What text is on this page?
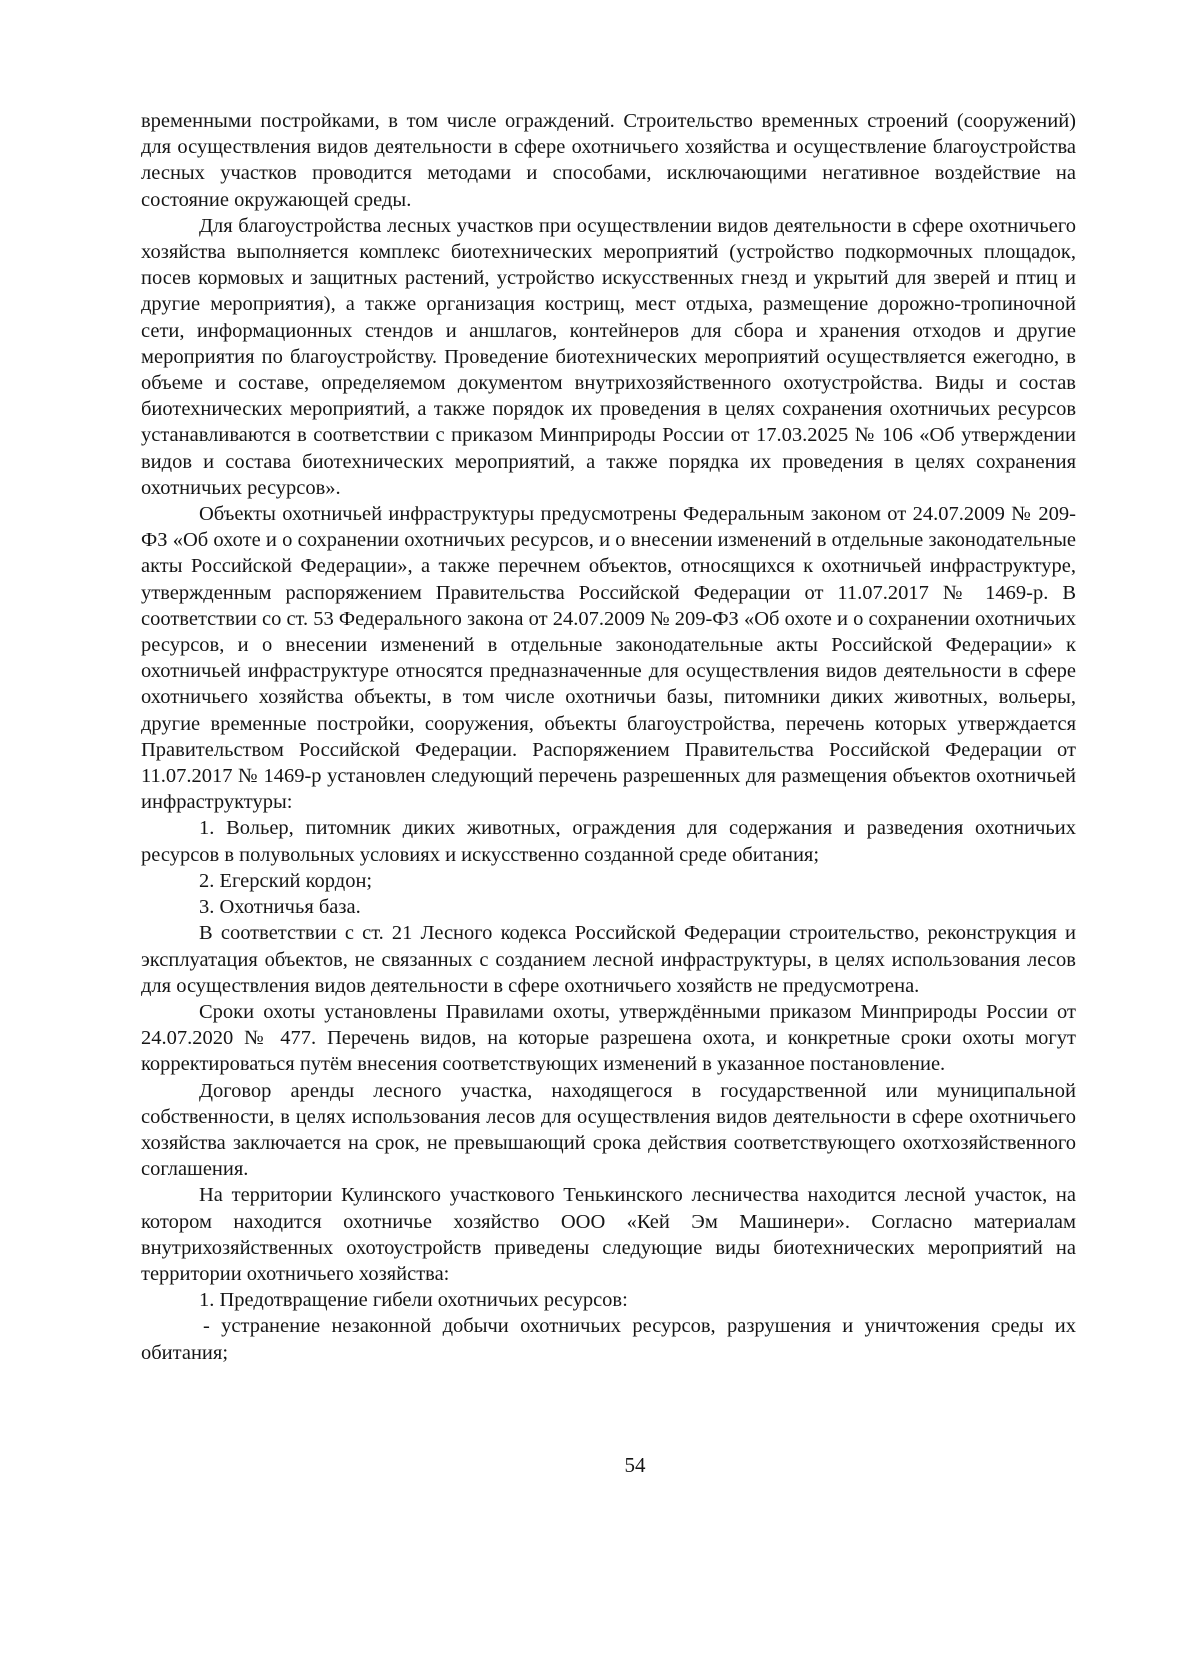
временными постройками, в том числе ограждений. Строительство временных строений (сооружений) для осуществления видов деятельности в сфере охотничьего хозяйства и осуществление благоустройства лесных участков проводится методами и способами, исключающими негативное воздействие на состояние окружающей среды.

Для благоустройства лесных участков при осуществлении видов деятельности в сфере охотничьего хозяйства выполняется комплекс биотехнических мероприятий (устройство подкормочных площадок, посев кормовых и защитных растений, устройство искусственных гнезд и укрытий для зверей и птиц и другие мероприятия), а также организация кострищ, мест отдыха, размещение дорожно-тропиночной сети, информационных стендов и аншлагов, контейнеров для сбора и хранения отходов и другие мероприятия по благоустройству. Проведение биотехнических мероприятий осуществляется ежегодно, в объеме и составе, определяемом документом внутрихозяйственного охотустройства. Виды и состав биотехнических мероприятий, а также порядок их проведения в целях сохранения охотничьих ресурсов устанавливаются в соответствии с приказом Минприроды России от 17.03.2025 № 106 «Об утверждении видов и состава биотехнических мероприятий, а также порядка их проведения в целях сохранения охотничьих ресурсов».

Объекты охотничьей инфраструктуры предусмотрены Федеральным законом от 24.07.2009 № 209-ФЗ «Об охоте и о сохранении охотничьих ресурсов, и о внесении изменений в отдельные законодательные акты Российской Федерации», а также перечнем объектов, относящихся к охотничьей инфраструктуре, утвержденным распоряжением Правительства Российской Федерации от 11.07.2017 № 1469-р. В соответствии со ст. 53 Федерального закона от 24.07.2009 № 209-ФЗ «Об охоте и о сохранении охотничьих ресурсов, и о внесении изменений в отдельные законодательные акты Российской Федерации» к охотничьей инфраструктуре относятся предназначенные для осуществления видов деятельности в сфере охотничьего хозяйства объекты, в том числе охотничьи базы, питомники диких животных, вольеры, другие временные постройки, сооружения, объекты благоустройства, перечень которых утверждается Правительством Российской Федерации. Распоряжением Правительства Российской Федерации от 11.07.2017 № 1469-р установлен следующий перечень разрешенных для размещения объектов охотничьей инфраструктуры:

1. Вольер, питомник диких животных, ограждения для содержания и разведения охотничьих ресурсов в полувольных условиях и искусственно созданной среде обитания;

2. Егерский кордон;

3. Охотничья база.

В соответствии с ст. 21 Лесного кодекса Российской Федерации строительство, реконструкция и эксплуатация объектов, не связанных с созданием лесной инфраструктуры, в целях использования лесов для осуществления видов деятельности в сфере охотничьего хозяйств не предусмотрена.

Сроки охоты установлены Правилами охоты, утверждёнными приказом Минприроды России от 24.07.2020 № 477. Перечень видов, на которые разрешена охота, и конкретные сроки охоты могут корректироваться путём внесения соответствующих изменений в указанное постановление.

Договор аренды лесного участка, находящегося в государственной или муниципальной собственности, в целях использования лесов для осуществления видов деятельности в сфере охотничьего хозяйства заключается на срок, не превышающий срока действия соответствующего охотхозяйственного соглашения.

На территории Кулинского участкового Тенькинского лесничества находится лесной участок, на котором находится охотничье хозяйство ООО «Кей Эм Машинери». Согласно материалам внутрихозяйственных охотоустройств приведены следующие виды биотехнических мероприятий на территории охотничьего хозяйства:

1. Предотвращение гибели охотничьих ресурсов:

- устранение незаконной добычи охотничьих ресурсов, разрушения и уничтожения среды их обитания;

54
